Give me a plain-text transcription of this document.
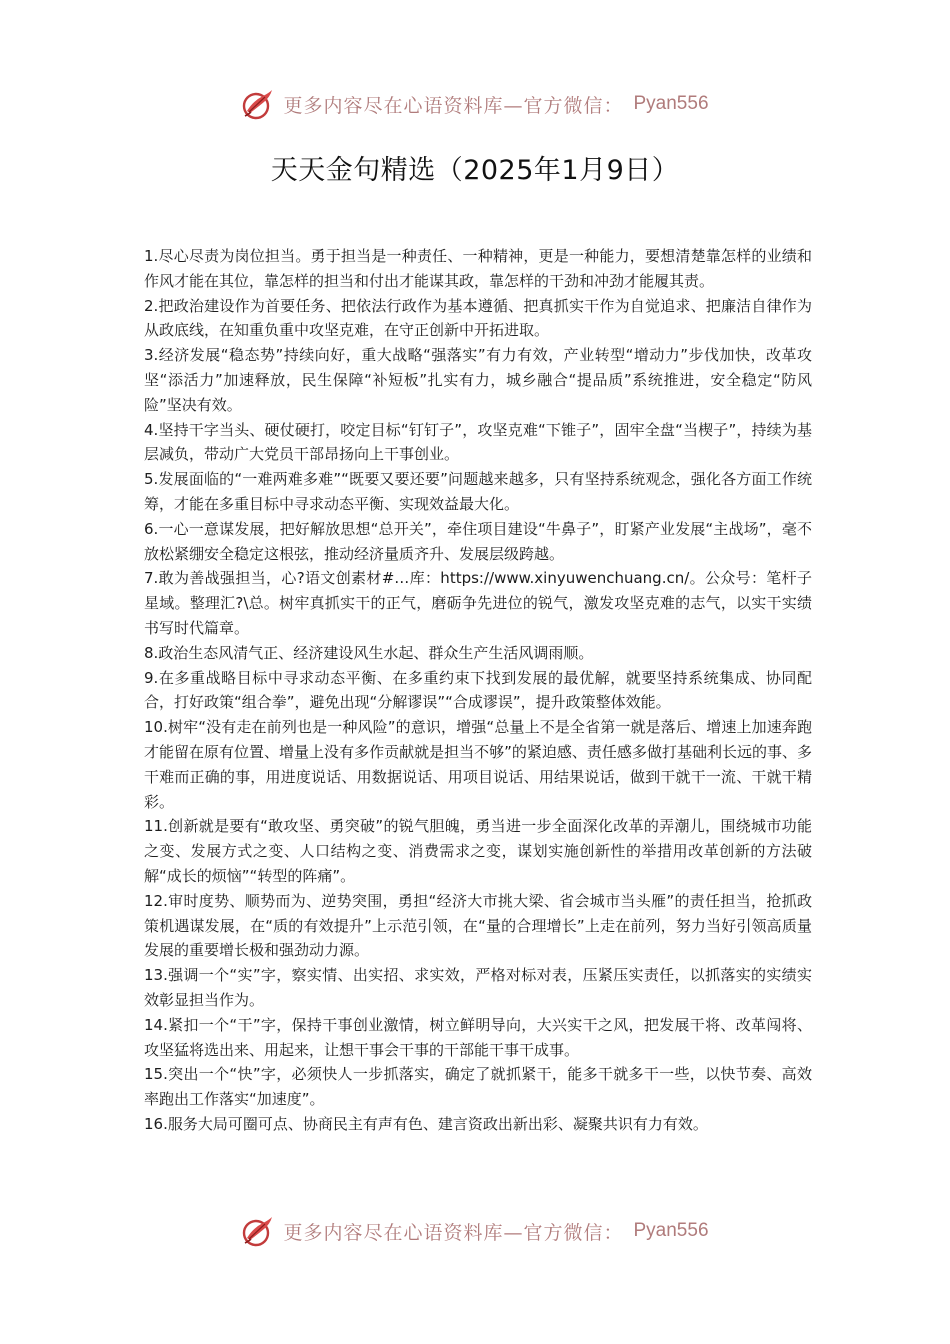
更多内容尽在心语资料库—官方微信： Pyan556
天天金句精选（2025年1月9日）

1.尽心尽责为岗位担当。勇于担当是一种责任、一种精神，更是一种能力，要想清楚靠怎样的业绩和作风才能在其位，靠怎样的担当和付出才能谋其政，靠怎样的干劲和冲劲才能履其责。

2.把政治建设作为首要任务、把依法行政作为基本遵循、把真抓实干作为自觉追求、把廉洁自律作为从政底线，在知重负重中攻坚克难，在守正创新中开拓进取。

3.经济发展“稳态势”持续向好，重大战略“强落实”有力有效，产业转型“增动力”步伐加快，改革攻坚“添活力”加速释放，民生保障“补短板”扎实有力，城乡融合“提品质”系统推进，安全稳定“防风险”坚决有效。

4.坚持干字当头、硬仗硬打，咬定目标“钉钉子”，攻坚克难“下锥子”，固牢全盘“当楔子”，持续为基层减负，带动广大党员干部昂扬向上干事创业。

5.发展面临的“一难两难多难”“既要又要还要”问题越来越多，只有坚持系统观念，强化各方面工作统筹，才能在多重目标中寻求动态平衡、实现效益最大化。

6.一心一意谋发展，把好解放思想“总开关”，牵住项目建设“牛鼻子”，盯紧产业发展“主战场”，毫不放松紧绷安全稳定这根弦，推动经济量质齐升、发展层级跨越。

7.敢为善战强担当，心?语文创素材#…库：https://www.xinyuwenchuang.cn/。公众号：笔杆子星域。整理汇?\总。树牢真抓实干的正气，磨砺争先进位的锐气，激发攻坚克难的志气，以实干实绩书写时代篇章。

8.政治生态风清气正、经济建设风生水起、群众生产生活风调雨顺。

9.在多重战略目标中寻求动态平衡、在多重约束下找到发展的最优解，就要坚持系统集成、协同配合，打好政策“组合拳”，避免出现“分解谬误”“合成谬误”，提升政策整体效能。

10.树牢“没有走在前列也是一种风险”的意识，增强“总量上不是全省第一就是落后、增速上加速奔跑才能留在原有位置、增量上没有多作贡献就是担当不够”的紧迫感、责任感多做打基础利长远的事、多干难而正确的事，用进度说话、用数据说话、用项目说话、用结果说话，做到干就干一流、干就干精彩。

11.创新就是要有“敢攻坚、勇突破”的锐气胆魄，勇当进一步全面深化改革的弄潮儿，围绕城市功能之变、发展方式之变、人口结构之变、消费需求之变，谋划实施创新性的举措用改革创新的方法破解“成长的烦恼”“转型的阵痛”。

12.审时度势、顺势而为、逆势突围，勇担“经济大市挑大梁、省会城市当头雁”的责任担当，抢抓政策机遇谋发展，在“质的有效提升”上示范引领，在“量的合理增长”上走在前列，努力当好引领高质量发展的重要增长极和强劲动力源。

13.强调一个“实”字，察实情、出实招、求实效，严格对标对表，压紧压实责任，以抓落实的实绩实效彰显担当作为。

14.紧扣一个“干”字，保持干事创业激情，树立鲜明导向，大兴实干之风，把发展干将、改革闯将、攻坚猛将选出来、用起来，让想干事会干事的干部能干事干成事。

15.突出一个“快”字，必须快人一步抓落实，确定了就抓紧干，能多干就多干一些，以快节奏、高效率跑出工作落实“加速度”。

16.服务大局可圈可点、协商民主有声有色、建言资政出新出彩、凝聚共识有力有效。

更多内容尽在心语资料库—官方微信： Pyan556
